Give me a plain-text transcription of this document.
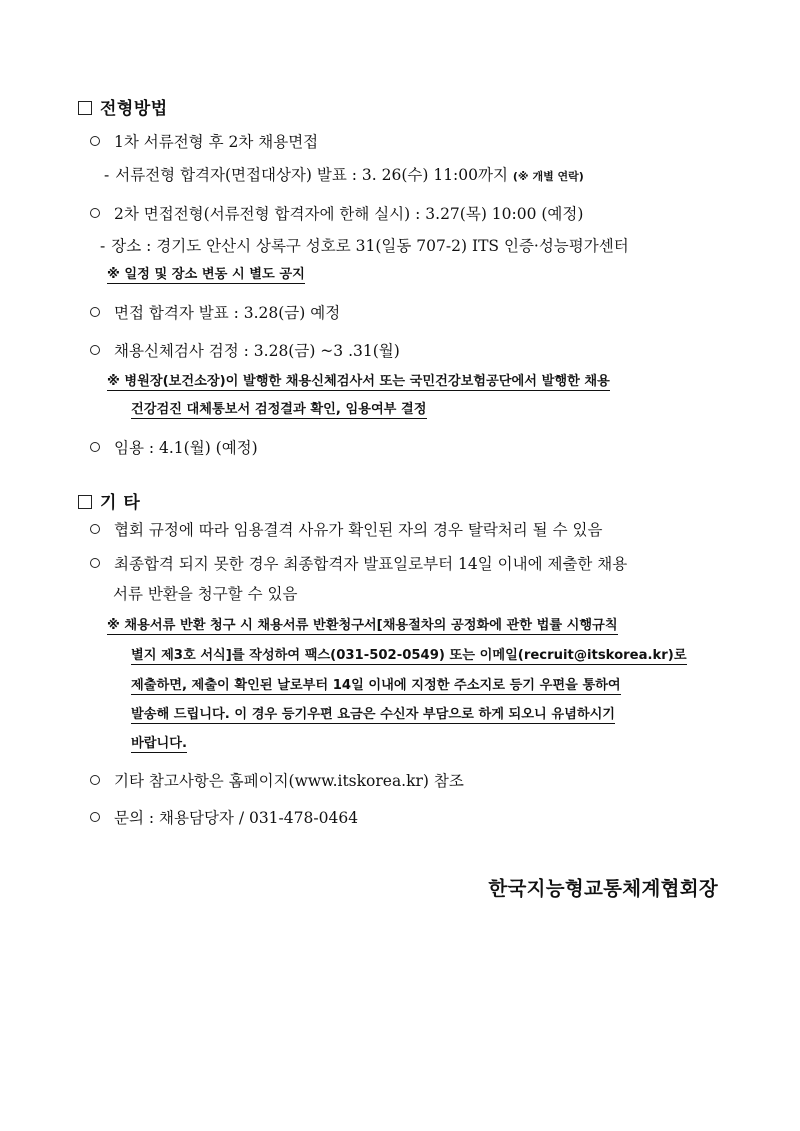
전형방법
1차 서류전형 후 2차 채용면접
- 서류전형 합격자(면접대상자) 발표 : 3. 26(수) 11:00까지 (※ 개별 연락)
2차 면접전형(서류전형 합격자에 한해 실시) : 3.27(목) 10:00 (예정)
- 장소 : 경기도 안산시 상록구 성호로 31(일동 707-2) ITS 인증·성능평가센터
※ 일정 및 장소 변동 시 별도 공지
면접 합격자 발표 : 3.28(금) 예정
채용신체검사 검정 : 3.28(금) ~3 .31(월)
※ 병원장(보건소장)이 발행한 채용신체검사서 또는 국민건강보험공단에서 발행한 채용
건강검진 대체통보서 검정결과 확인, 임용여부 결정
임용 : 4.1(월) (예정)
기 타
협회 규정에 따라 임용결격 사유가 확인된 자의 경우 탈락처리 될 수 있음
최종합격 되지 못한 경우 최종합격자 발표일로부터 14일 이내에 제출한 채용
서류 반환을 청구할 수 있음
※ 채용서류 반환 청구 시 채용서류 반환청구서[채용절차의 공정화에 관한 법률 시행규칙
별지 제3호 서식]를 작성하여 팩스(031-502-0549) 또는 이메일(recruit@itskorea.kr)로
제출하면, 제출이 확인된 날로부터 14일 이내에 지정한 주소지로 등기 우편을 통하여
발송해 드립니다. 이 경우 등기우편 요금은 수신자 부담으로 하게 되오니 유념하시기
바랍니다.
기타 참고사항은 홈페이지(www.itskorea.kr) 참조
문의 : 채용담당자 / 031-478-0464
한국지능형교통체계협회장
